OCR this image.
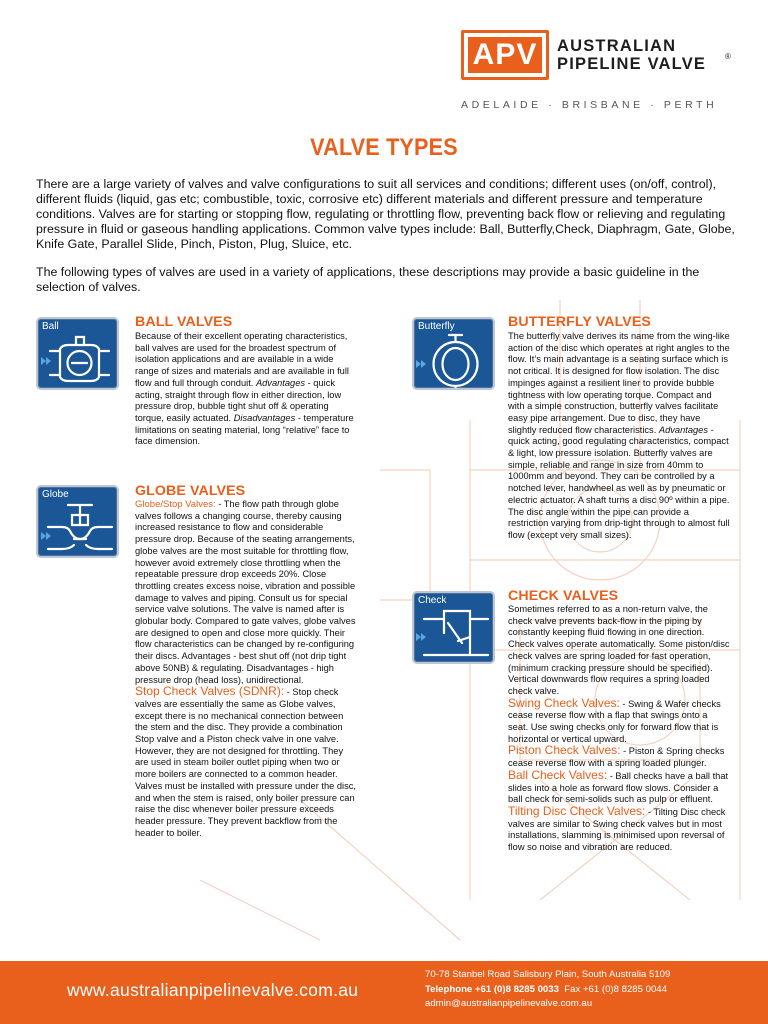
APV AUSTRALIAN
PIPELINE VALVE	®
ADELAIDE · BRISBANE · PERTH
VALVE TYPES

There are a large variety of valves and valve configurations to suit all services and conditions; different uses (on/off, control), different fluids (liquid, gas etc; combustible, toxic, corrosive etc) different materials and different pressure and temperature conditions. Valves are for starting or stopping flow, regulating or throttling flow, preventing back flow or relieving and regulating pressure in fluid or gaseous handling applications. Common valve types include: Ball, Butterfly,Check, Diaphragm, Gate, Globe, Knife Gate, Parallel Slide, Pinch, Piston, Plug, Sluice, etc.

The following types of valves are used in a variety of applications, these descriptions may provide a basic guideline in the selection of valves.

Ball	BALL VALVES
Because of their excellent operating characteristics, ball valves are used for the broadest spectrum of isolation applications and are available in a wide range of sizes and materials and are available in full flow and full through conduit. Advantages - quick acting, straight through flow in either direction, low pressure drop, bubble tight shut off & operating torque, easily actuated. Disadvantages - temperature limitations on seating material, long “relative” face to face dimension.
Globe	GLOBE VALVES
Globe/Stop Valves: - The flow path through globe valves follows a changing course, thereby causing increased resistance to flow and considerable pressure drop. Because of the seating arrangements, globe valves are the most suitable for throttling flow, however avoid extremely close throttling when the repeatable pressure drop exceeds 20%. Close throttling creates excess noise, vibration and possible damage to valves and piping. Consult us for special service valve solutions. The valve is named after is globular body. Compared to gate valves, globe valves are designed to open and close more quickly. Their flow characteristics can be changed by re-configuring their discs. Advantages - best shut off (not drip tight above 50NB) & regulating. Disadvantages - high pressure drop (head loss), unidirectional.
Stop Check Valves (SDNR): - Stop check valves are essentially the same as Globe valves, except there is no mechanical connection between the stem and the disc. They provide a combination Stop valve and a Piston check valve in one valve. However, they are not designed for throttling. They are used in steam boiler outlet piping when two or more boilers are connected to a common header. Valves must be installed with pressure under the disc, and when the stem is raised, only boiler pressure can raise the disc whenever boiler pressure exceeds header pressure. They prevent backflow from the header to boiler.
Butterfly	BUTTERFLY VALVES
The butterfly valve derives its name from the wing-like action of the disc which operates at right angles to the flow. It’s main advantage is a seating surface which is not critical. It is designed for flow isolation. The disc impinges against a resilient liner to provide bubble tightness with low operating torque. Compact and with a simple construction, butterfly valves facilitate easy pipe arrangement. Due to disc, they have slightly reduced flow characteristics. Advantages - quick acting, good regulating characteristics, compact & light, low pressure isolation. Butterfly valves are simple, reliable and range in size from 40mm to 1000mm and beyond. They can be controlled by a notched lever, handwheel as well as by pneumatic or electric actuator. A shaft turns a disc 90º within a pipe. The disc angle within the pipe can provide a restriction varying from drip-tight through to almost full flow (except very small sizes).
Check	CHECK VALVES
Sometimes referred to as a non-return valve, the check valve prevents back-flow in the piping by constantly keeping fluid flowing in one direction. Check valves operate automatically. Some piston/disc check valves are spring loaded for fast operation, (minimum cracking pressure should be specified). Vertical downwards flow requires a spring loaded check valve.
Swing Check Valves: - Swing & Wafer checks cease reverse flow with a flap that swings onto a seat. Use swing checks only for forward flow that is horizontal or vertical upward.
Piston Check Valves: - Piston & Spring checks cease reverse flow with a spring loaded plunger.
Ball Check Valves: - Ball checks have a ball that slides into a hole as forward flow slows. Consider a ball check for semi-solids such as pulp or effluent.
Tilting Disc Check Valves: - Tilting Disc check valves are similar to Swing check valves but in most installations, slamming is minimised upon reversal of flow so noise and vibration are reduced.
www.australianpipelinevalve.com.au
70-78 Stanbel Road Salisbury Plain, South Australia 5109
Telephone +61 (0)8 8285 0033 Fax +61 (0)8 8285 0044
admin@australianpipelinevalve.com.au
